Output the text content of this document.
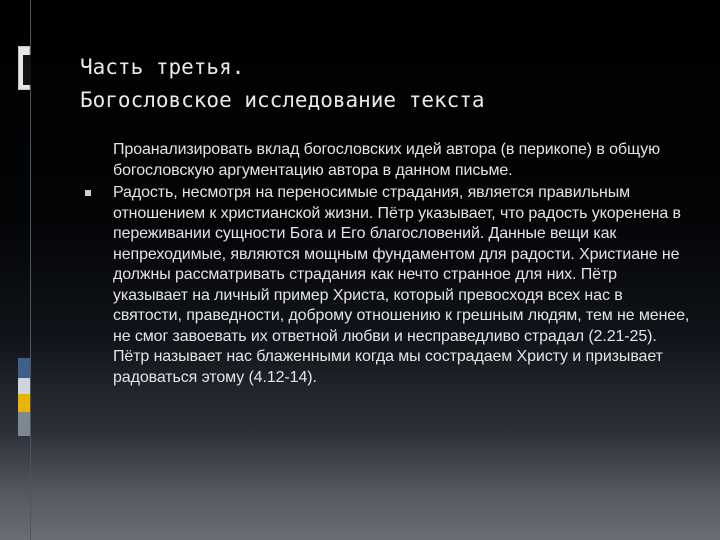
Часть третья.
Богословское исследование текста

Проанализировать вклад богословских идей автора (в перикопе) в общую богословскую аргументацию автора в данном письме.

Радость, несмотря на переносимые страдания, является правильным отношением к христианской жизни. Пётр указывает, что радость укоренена в переживании сущности Бога и Его благословений. Данные вещи как непреходимые, являются мощным фундаментом для радости. Христиане не должны рассматривать страдания как нечто странное для них. Пётр указывает на личный пример Христа, который превосходя всех нас в святости, праведности, доброму отношению к грешным людям, тем не менее, не смог завоевать их ответной любви и несправедливо страдал (2.21-25). Пётр называет нас блаженными когда мы сострадаем Христу и призывает радоваться этому (4.12-14).
